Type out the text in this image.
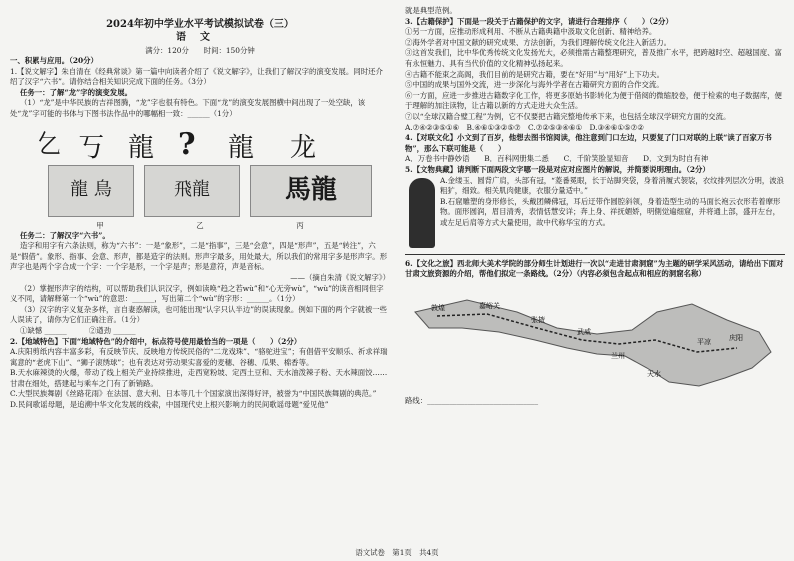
2024年初中学业水平考试模拟试卷（三）
语文
满分：120分　　时间：150分钟

一、积累与应用。（20分）

1.【说文解字】朱自清在《经典常谈》第一篇中向读者介绍了《说文解字》，让我们了解汉字的演变发展。同时还介绍了汉字“六书”。请你结合相关知识完成下面的任务。（3分）

任务一：了解“龙”字的演变发展。

（1）“龙”是中华民族的吉祥图腾，“龙”字也很有特色。下面“龙”的演变发展图横中间出现了一处空缺，该处“龙”字可能的书体与下图书法作品中的哪幅相一致：______（1分）

𠃉 丂 龍 ? 龍 龙
龍 鳥	飛龍	馬龍
甲	乙	丙

任务二：了解汉字“六书”。

造字和用字有六条法则，称为“六书”：一是“象形”，二是“指事”，三是“会意”，四是“形声”，五是“转注”，六是“假借”。象形、指事、会意、形声，都是造字的法则。形声字最多，用处最大，所以我们的常用字多是形声字。形声字也是两个字合成一个字：一个字是形，一个字是声；形是意符，声是音标。

——（摘自朱清《说文解字》）

（2）掌握形声字的结构，可以帮助我们认识汉字，例如读唤“趋之若wù”和“心无旁wù”，“wù”的读音相同但字义不同，请解释第一个“wù”的意思：______，写出第二个“wù”的字形：______。（1分）

（3）汉字的字义复杂多样，言自妻惑解读，也可能出现“认字只认半边”的误读现象。例如下面的两个字就被一些人误读了，请你为它们正确注音。（1分）

①缺憾 ______　　　②遒劲 ______

2.【地域特色】下面“地域特色”的介绍中，标点符号使用最恰当的一项是（　　）（2分）

A.庆阳剪纸内容丰富多彩，有反映节庆、反映地方传统民俗的“二龙戏珠”、“骆驼进宝”；有倡借平安顺乐、祈求祥瑞寓意的“老虎下山”、“狮子滚绣球”；也有表达对劳动果实喜爱的麦穗、谷穗、瓜果、棉香等。

B.天水麻辣烫的火爆，带动了线上相关产业持续推进，走西宽粉坡、定西土豆和、天水油泼辣子粉、天水辣面饺……甘肃在细处，搭建起与乘车之门有了新销路。

C.大型民族舞剧《丝路花雨》在法国、意大利、日本等几十个国家演出深得好评，被誉为“中国民族舞剧的典范。”

D.民间歌谣母题，是追溯中华文化发展的线索，中国现代史上根兴影响力的民间歌谣母题“爱见他”

就是典型范例。

3.【古籍保护】下面是一段关于古籍保护的文字，请进行合理排序（　　）（2分）

①另一方面，应推动形成利用、不断从古籍典籍中汲取文化创新、精神给养。

②海外学者对中国文献的研究成果、方法创新，为我们理解传统文化注入新活力。

③这首发我们，比中华优秀传统文化发扬光大，必须推需古籍整理研究，普及推广水平，把跨越时空、超越国度、富有永恒魅力、具有当代价值的文化精神弘扬起来。

④古籍不能束之高阁，我们目前的是研究古籍，要在“好用”与“用好”上下功夫。

⑤中国的成果与国外交流，进一步深化与海外学者在古籍研究方面的合作交流。

⑥一方面，应进一步推进古籍数字化工作，将更多原始书影转化为便于借阅的微缩胶卷，便于检索的电子数据库，便于理解的加注读物，让古籍以新的方式走进大众生活。

⑦以“全球汉籍合璧工程”为例，它不仅要把古籍完整地传承下来，也包括全球汉学研究方面的交流。

A.⑦④②③⑤①⑥　B.④⑥①③②⑤⑦　C.⑦②⑤③④⑥①　D.③④⑥①⑤⑦②

4.【对联文化】小文到了百岁，他想去图书馆阅读，他注意到门口左边，只要复了门口对联的上联“读了百家万书物”，那么下联可能是（　　）

A．万卷书中静妙语　　B．百科网册集二悉　　C．千阶笑脸显知音　　D．文到为时自有神

5.【文物典藏】请判断下面两段文字哪一段是对应对应图片的解说，并简要说明理由。（2分）

A.金缕玉、圆背广肩，头部有冠，“菱番冕眼，长于站脚突袋，身着消履式袈裟，衣纹排列层次分明，波浪粗犷，细致。相关肌肉健康，衣服分量适中。”

B.石窟雕塑的身形修长，头戴团鳞佛冠，耳后迂带作圆腔斜领，身着造型生动的马面长袍云衣形若着摩形物。面形圆润，眉目清秀，表情恬慧安详；奔上身、祥抚媚娇，明側觉遍细窟，并将通上部，盛开左台，或左足后肩等方式大量使用，故中代称华宝的方式。

6.【文化之旅】西北师大美术学院的部分师生计划进行一次以“走进甘肃洞窟”为主题的研学采风活动，请给出下面对甘肃文旅资源的介绍，帮他们拟定一条路线。（2分）（内容必须包含起点和相应的洞窟名称）

敦煌	嘉峪关
张掖
武威
兰州
天水
平凉	庆阳

路线：______________________________

语文试卷　第1页　共4页
